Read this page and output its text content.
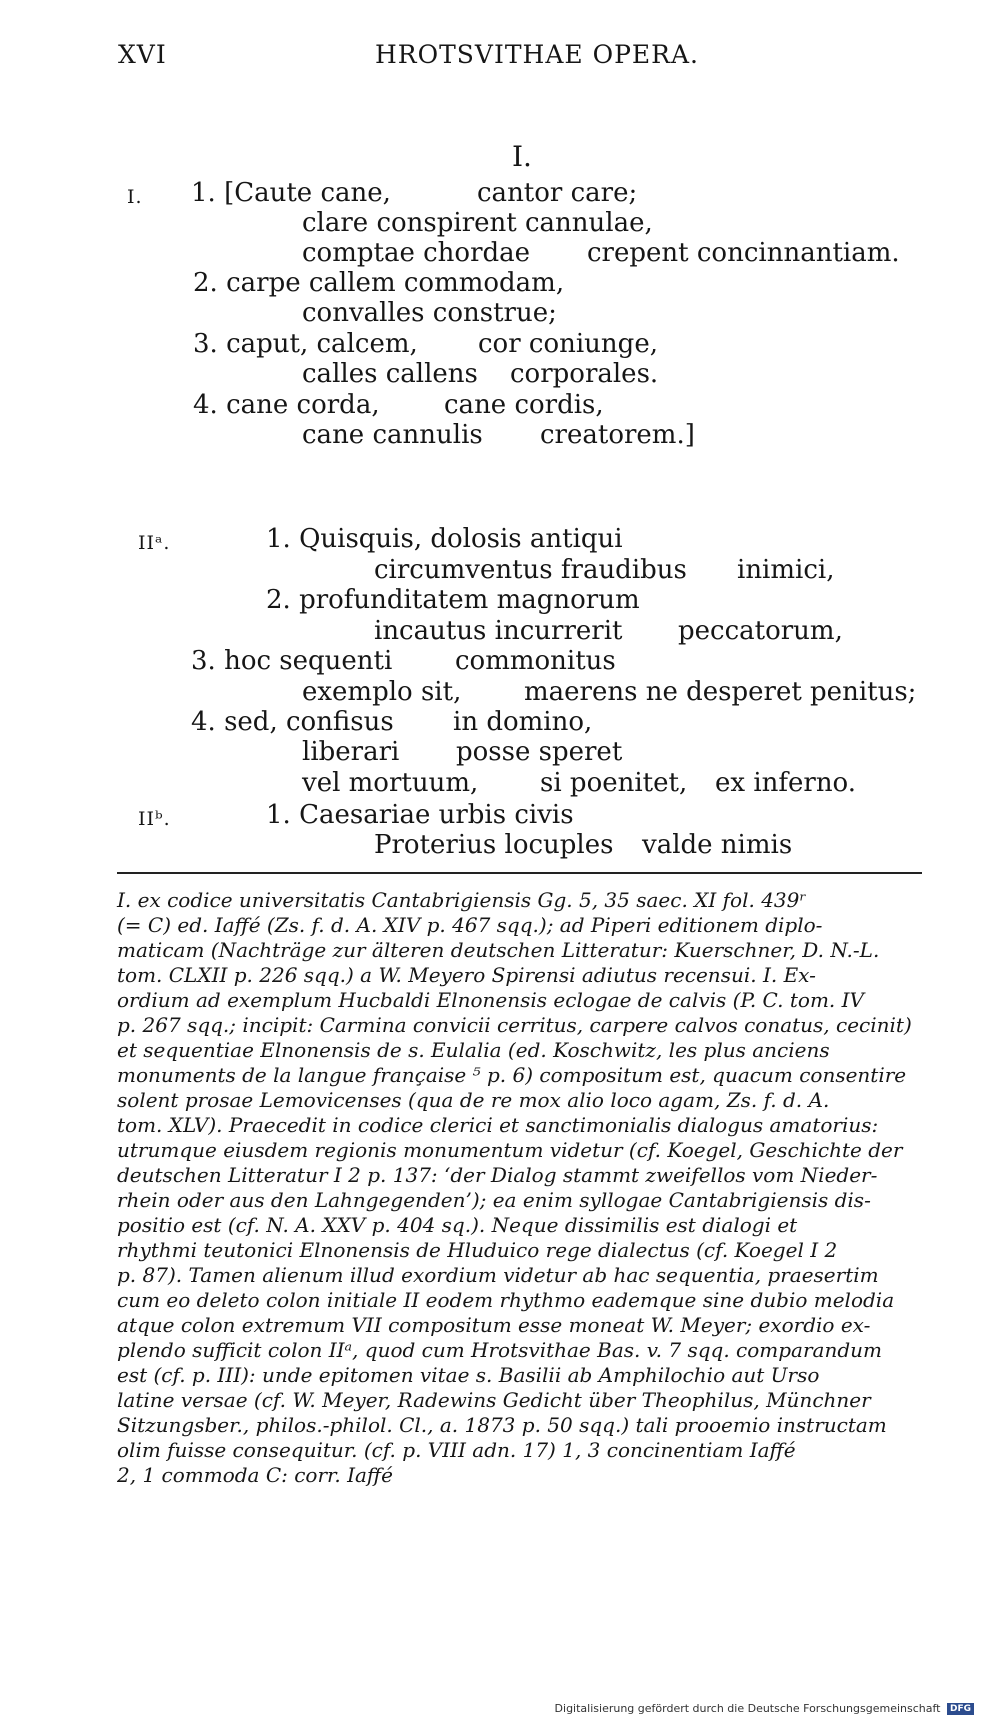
XVI	HROTSVITHAE OPERA.
I.
I. 1. [Caute cane,	cantor care;
clare conspirent cannulae,
comptae chordae crepent concinnantiam.
2. carpe callem commodam,
convalles construe;
3. caput, calcem, cor coniunge,
calles callens corporales.
4. cane corda, cane cordis,
cane cannulis creatorem.]
IIᵃ.	1. Quisquis, dolosis antiqui
circumventus fraudibus inimici,
2. profunditatem magnorum
incautus incurrerit peccatorum,
3. hoc sequenti commonitus
exemplo sit, maerens ne desperet penitus;
4. sed, confisus in domino,
liberari posse speret
vel mortuum, si poenitet, ex inferno.
IIᵇ.	1. Caesariae urbis civis
Proterius locuples valde nimis
I. ex codice universitatis Cantabrigiensis Gg. 5, 35 saec. XI fol. 439ʳ
(= C) ed. Iaffé (Zs. f. d. A. XIV p. 467 sqq.); ad Piperi editionem diplo-
maticam (Nachträge zur älteren deutschen Litteratur: Kuerschner, D. N.-L.
tom. CLXII p. 226 sqq.) a W. Meyero Spirensi adiutus recensui. I. Ex-
ordium ad exemplum Hucbaldi Elnonensis eclogae de calvis (P. C. tom. IV
p. 267 sqq.; incipit: Carmina convicii cerritus, carpere calvos conatus, cecinit)
et sequentiae Elnonensis de s. Eulalia (ed. Koschwitz, les plus anciens
monuments de la langue française ⁵ p. 6) compositum est, quacum consentire
solent prosae Lemovicenses (qua de re mox alio loco agam, Zs. f. d. A.
tom. XLV). Praecedit in codice clerici et sanctimonialis dialogus amatorius:
utrumque eiusdem regionis monumentum videtur (cf. Koegel, Geschichte der
deutschen Litteratur I 2 p. 137: ‘der Dialog stammt zweifellos vom Nieder-
rhein oder aus den Lahngegenden’); ea enim syllogae Cantabrigiensis dis-
positio est (cf. N. A. XXV p. 404 sq.). Neque dissimilis est dialogi et
rhythmi teutonici Elnonensis de Hluduico rege dialectus (cf. Koegel I 2
p. 87). Tamen alienum illud exordium videtur ab hac sequentia, praesertim
cum eo deleto colon initiale II eodem rhythmo eademque sine dubio melodia
atque colon extremum VII compositum esse moneat W. Meyer; exordio ex-
plendo sufficit colon IIᵃ, quod cum Hrotsvithae Bas. v. 7 sqq. comparandum
est (cf. p. III): unde epitomen vitae s. Basilii ab Amphilochio aut Urso
latine versae (cf. W. Meyer, Radewins Gedicht über Theophilus, Münchner
Sitzungsber., philos.-philol. Cl., a. 1873 p. 50 sqq.) tali prooemio instructam
olim fuisse consequitur. (cf. p. VIII adn. 17) 1, 3 concinentiam Iaffé
2, 1 commoda C: corr. Iaffé
Digitalisierung gefördert durch die Deutsche Forschungsgemeinschaft DFG
